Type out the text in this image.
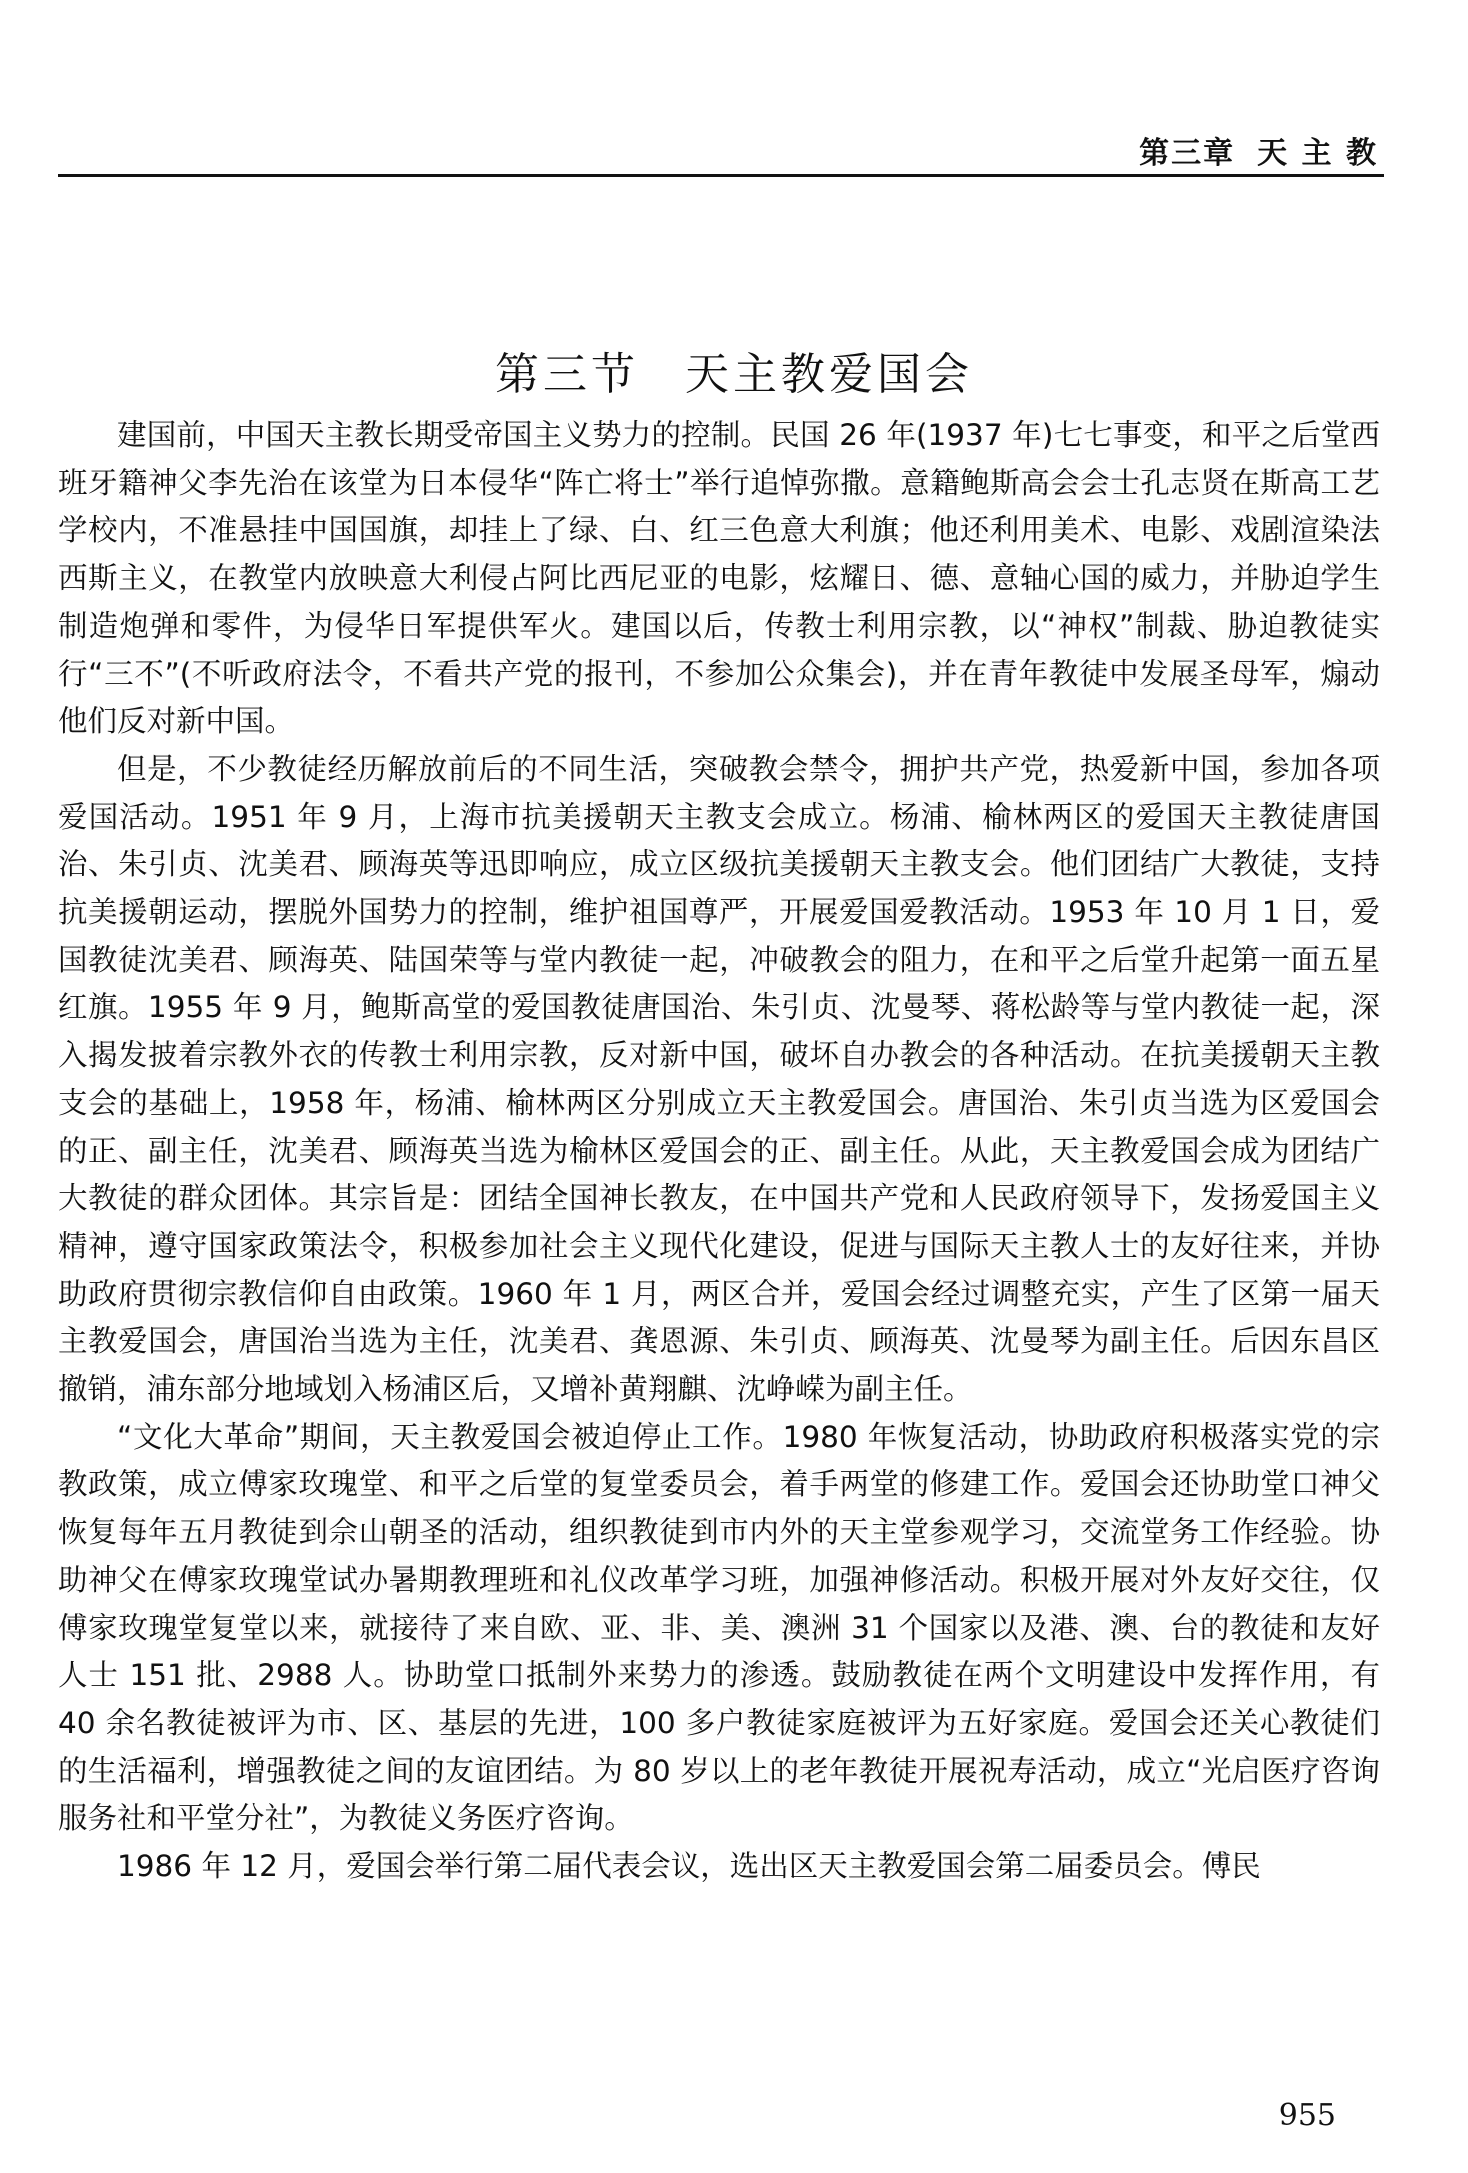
第三章 天 主 教
第三节 天主教爱国会

建国前，中国天主教长期受帝国主义势力的控制。民国 26 年(1937 年)七七事变，和平之后堂西班牙籍神父李先治在该堂为日本侵华“阵亡将士”举行追悼弥撒。意籍鲍斯高会会士孔志贤在斯高工艺学校内，不准悬挂中国国旗，却挂上了绿、白、红三色意大利旗；他还利用美术、电影、戏剧渲染法西斯主义，在教堂内放映意大利侵占阿比西尼亚的电影，炫耀日、德、意轴心国的威力，并胁迫学生制造炮弹和零件，为侵华日军提供军火。建国以后，传教士利用宗教，以“神权”制裁、胁迫教徒实行“三不”(不听政府法令，不看共产党的报刊，不参加公众集会)，并在青年教徒中发展圣母军，煽动他们反对新中国。

但是，不少教徒经历解放前后的不同生活，突破教会禁令，拥护共产党，热爱新中国，参加各项爱国活动。1951 年 9 月，上海市抗美援朝天主教支会成立。杨浦、榆林两区的爱国天主教徒唐国治、朱引贞、沈美君、顾海英等迅即响应，成立区级抗美援朝天主教支会。他们团结广大教徒，支持抗美援朝运动，摆脱外国势力的控制，维护祖国尊严，开展爱国爱教活动。1953 年 10 月 1 日，爱国教徒沈美君、顾海英、陆国荣等与堂内教徒一起，冲破教会的阻力，在和平之后堂升起第一面五星红旗。1955 年 9 月，鲍斯高堂的爱国教徒唐国治、朱引贞、沈曼琴、蒋松龄等与堂内教徒一起，深入揭发披着宗教外衣的传教士利用宗教，反对新中国，破坏自办教会的各种活动。在抗美援朝天主教支会的基础上，1958 年，杨浦、榆林两区分别成立天主教爱国会。唐国治、朱引贞当选为区爱国会的正、副主任，沈美君、顾海英当选为榆林区爱国会的正、副主任。从此，天主教爱国会成为团结广大教徒的群众团体。其宗旨是：团结全国神长教友，在中国共产党和人民政府领导下，发扬爱国主义精神，遵守国家政策法令，积极参加社会主义现代化建设，促进与国际天主教人士的友好往来，并协助政府贯彻宗教信仰自由政策。1960 年 1 月，两区合并，爱国会经过调整充实，产生了区第一届天主教爱国会，唐国治当选为主任，沈美君、龚恩源、朱引贞、顾海英、沈曼琴为副主任。后因东昌区撤销，浦东部分地域划入杨浦区后，又增补黄翔麒、沈峥嵘为副主任。

“文化大革命”期间，天主教爱国会被迫停止工作。1980 年恢复活动，协助政府积极落实党的宗教政策，成立傅家玫瑰堂、和平之后堂的复堂委员会，着手两堂的修建工作。爱国会还协助堂口神父恢复每年五月教徒到佘山朝圣的活动，组织教徒到市内外的天主堂参观学习，交流堂务工作经验。协助神父在傅家玫瑰堂试办暑期教理班和礼仪改革学习班，加强神修活动。积极开展对外友好交往，仅傅家玫瑰堂复堂以来，就接待了来自欧、亚、非、美、澳洲 31 个国家以及港、澳、台的教徒和友好人士 151 批、2988 人。协助堂口抵制外来势力的渗透。鼓励教徒在两个文明建设中发挥作用，有 40 余名教徒被评为市、区、基层的先进，100 多户教徒家庭被评为五好家庭。爱国会还关心教徒们的生活福利，增强教徒之间的友谊团结。为 80 岁以上的老年教徒开展祝寿活动，成立“光启医疗咨询服务社和平堂分社”，为教徒义务医疗咨询。

1986 年 12 月，爱国会举行第二届代表会议，选出区天主教爱国会第二届委员会。傅民

955
